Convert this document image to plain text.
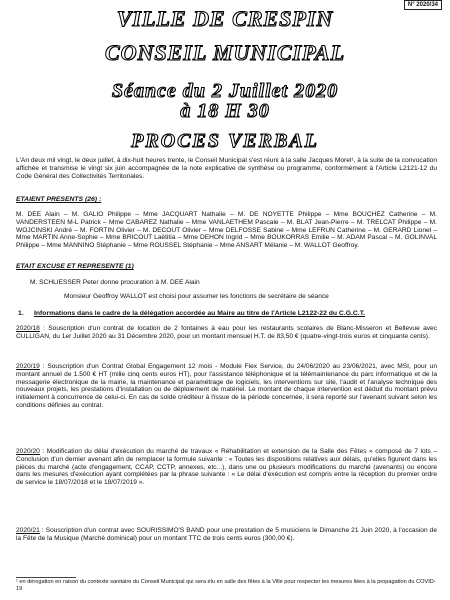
N° 2020/34
VILLE DE CRESPIN
CONSEIL MUNICIPAL
Séance du 2 Juillet 2020
à 18 H 30
PROCES VERBAL
L'An deux mil vingt, le deux juillet, à dix-huit heures trente, le Conseil Municipal s'est réuni à la salle Jacques Morel¹, à la suite de la convocation affichée et transmise le vingt six juin accompagnée de la note explicative de synthèse ou programme, conformément à l'Article L2121-12 du Code Général des Collectivités Territoriales.
ETAIENT PRESENTS (26) :
M. DEE Alain – M. GALIO Philippe – Mme JACQUART Nathalie – M. DE NOYETTE Philippe – Mme BOUCHEZ Catherine – M. VANDERSTEEN M-L Patrick – Mme CABAREZ Nathalie – Mme VANLAETHEM Pascale – M. BLAT Jean-Pierre – M. TRELCAT Philippe – M. WOJCINSKI André – M. FORTIN Olivier – M. DECOUT Olivier – Mme DELFOSSE Sabine – Mme LEFRUN Catherine – M. GERARD Lionel – Mme MARTIN Anne-Sophie – Mme BRICOUT Laëtitia – Mme DEHON Ingrid – Mme BOUKORRAS Emilie – M. ADAM Pascal – M. GOLINVAL Philippe – Mme MANNINO Stéphanie – Mme ROUSSEL Stéphanie – Mme ANSART Mélanie – M. WALLOT Geoffroy.
ETAIT EXCUSE ET REPRESENTE (1)
M. SCHLIESSER Peter donne procuration à M. DEE Alain
Monsieur Geoffroy WALLOT est choisi pour assumer les fonctions de secrétaire de séance
1. Informations dans le cadre de la délégation accordée au Maire au titre de l'Article L2122-22 du C.G.C.T.
2020/18 : Souscription d'un contrat de location de 2 fontaines à eau pour les restaurants scolaires de Blanc-Misseron et Bellevue avec CULLIGAN, du 1er Juillet 2020 au 31 Décembre 2020, pour un montant mensuel H.T. de 83,50 € (quatre-vingt-trois euros et cinquante cents).
2020/19 : Souscription d'un Contrat Global Engagement 12 mois - Module Flex Service, du 24/06/2020 au 23/06/2021, avec MSI, pour un montant annuel de 1.500 € HT (mille cinq cents euros HT), pour l'assistance téléphonique et la télémaintenance du parc informatique et de la messagerie électronique de la mairie, la maintenance et paramétrage de logiciels, les interventions sur site, l'audit et l'analyse technique des nouveaux projets, les prestations d'installation ou de déploiement de matériel. Le montant de chaque intervention est déduit du montant prévu initialement à concurrence de celui-ci. En cas de solde créditeur à l'issue de la période concernée, il sera reporté sur l'avenant suivant selon les conditions définies au contrat.
2020/20 : Modification du délai d'exécution du marché de travaux « Réhabilitation et extension de la Salle des Fêtes » composé de 7 lots – Conclusion d'un dernier avenant afin de remplacer la formule suivante : « Toutes les dispositions relatives aux délais, qu'elles figurent dans les pièces du marché (acte d'engagement, CCAP, CCTP, annexes, etc...), dans une ou plusieurs modifications du marché (avenants) ou encore dans les mesures d'exécution ayant complétées par la phrase suivante : « Le délai d'exécution est compris entre la réception du premier ordre de service le 18/07/2018 et le 18/07/2019 ».
2020/21 : Souscription d'un contrat avec SOURISSIMO'S BAND pour une prestation de 5 musiciens le Dimanche 21 Juin 2020, à l'occasion de la Fête de la Musique (Marché dominical) pour un montant TTC de trois cents euros (300,00 €).
¹ en dérogation en raison du contexte sanitaire du Conseil Municipal qui sera élu en salle des fêtes à la Ville pour respecter les mesures liées à la propagation du COVID-19
